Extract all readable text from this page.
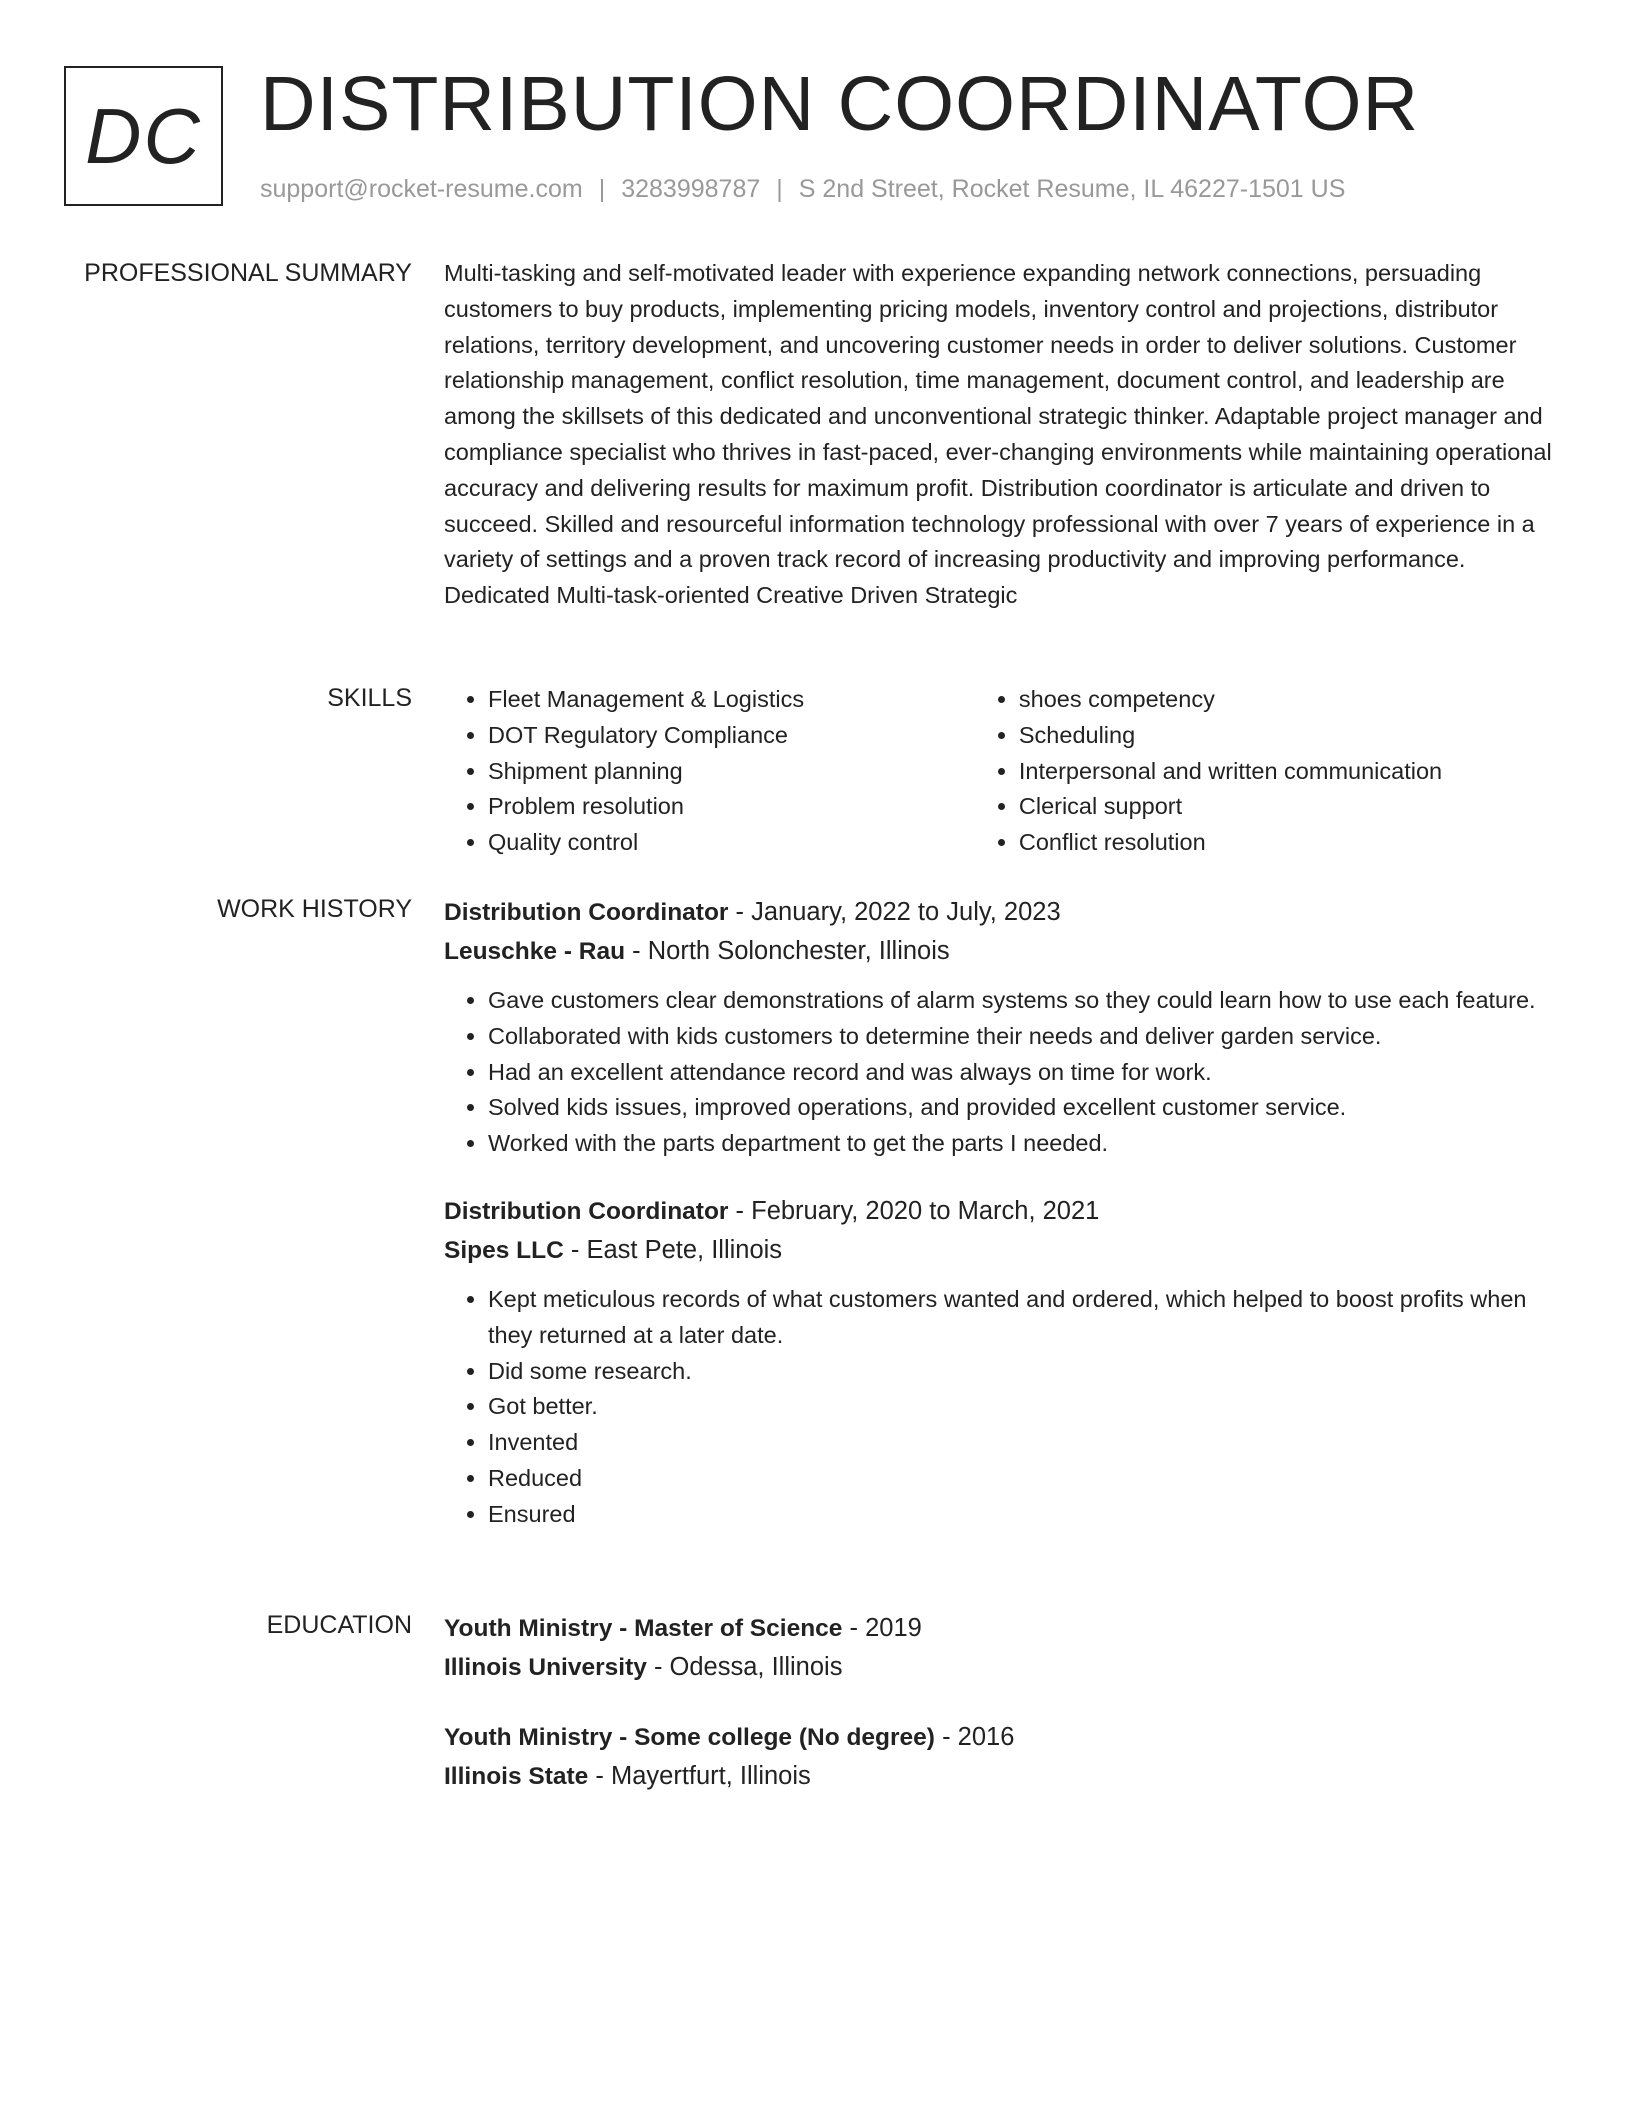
DC DISTRIBUTION COORDINATOR
support@rocket-resume.com | 3283998787 | S 2nd Street, Rocket Resume, IL 46227-1501 US
PROFESSIONAL SUMMARY Multi-tasking and self-motivated leader with experience expanding network connections, persuading customers to buy products, implementing pricing models, inventory control and projections, distributor relations, territory development, and uncovering customer needs in order to deliver solutions. Customer relationship management, conflict resolution, time management, document control, and leadership are among the skillsets of this dedicated and unconventional strategic thinker. Adaptable project manager and compliance specialist who thrives in fast-paced, ever-changing environments while maintaining operational accuracy and delivering results for maximum profit. Distribution coordinator is articulate and driven to succeed. Skilled and resourceful information technology professional with over 7 years of experience in a variety of settings and a proven track record of increasing productivity and improving performance. Dedicated Multi-task-oriented Creative Driven Strategic

SKILLS
•	Fleet Management & Logistics
• DOT Regulatory Compliance
• Shipment planning
• Problem resolution
• Quality control
• shoes competency
• Scheduling
• Interpersonal and written communication
• Clerical support
• Conflict resolution
WORK HISTORY Distribution Coordinator - January, 2022 to July, 2023
Leuschke - Rau - North Solonchester, Illinois
• Gave customers clear demonstrations of alarm systems so they could learn how to use each feature.
• Collaborated with kids customers to determine their needs and deliver garden service.
• Had an excellent attendance record and was always on time for work.
• Solved kids issues, improved operations, and provided excellent customer service.
• Worked with the parts department to get the parts I needed.
Distribution Coordinator - February, 2020 to March, 2021
Sipes LLC - East Pete, Illinois
• Kept meticulous records of what customers wanted and ordered, which helped to boost profits when they returned at a later date.
• Did some research.
• Got better.
• Invented
• Reduced
• Ensured
EDUCATION Youth Ministry - Master of Science - 2019
Illinois University - Odessa, Illinois
Youth Ministry - Some college (No degree) - 2016
Illinois State - Mayertfurt, Illinois
